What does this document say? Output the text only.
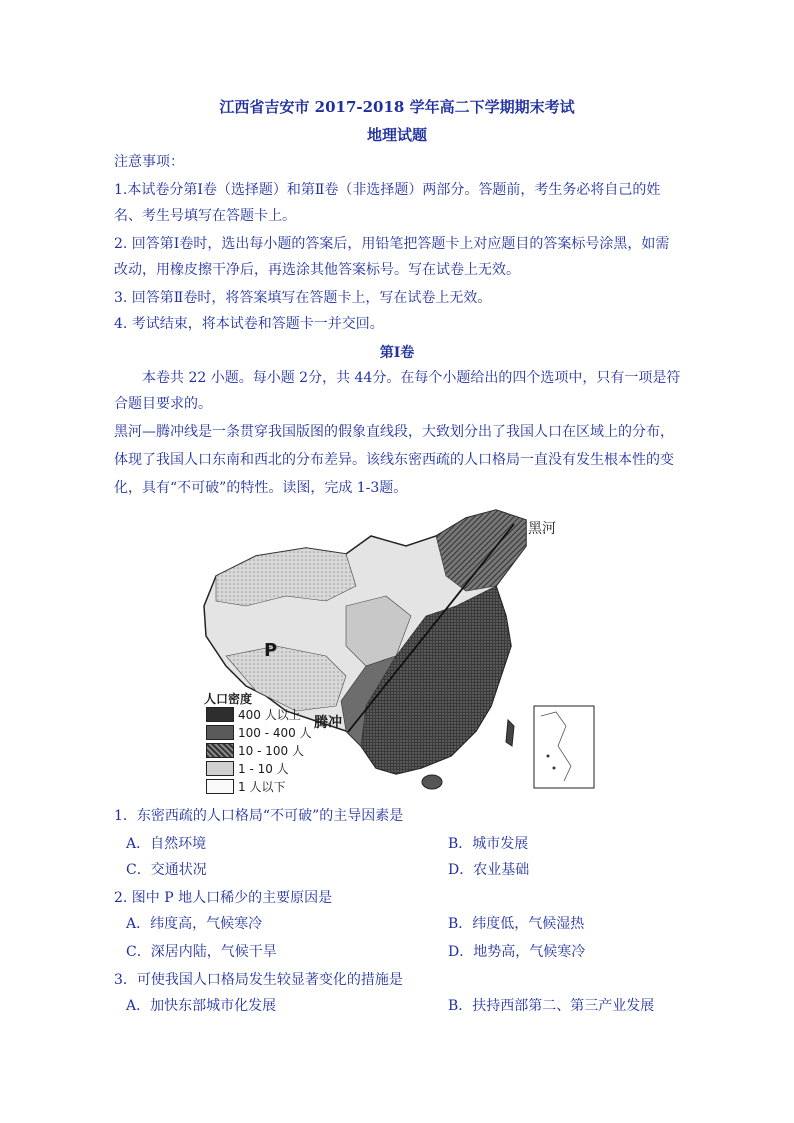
江西省吉安市 2017-2018 学年高二下学期期末考试
地理试题
注意事项：
1.本试卷分第Ⅰ卷（选择题）和第Ⅱ卷（非选择题）两部分。答题前，考生务必将自己的姓
名、考生号填写在答题卡上。
2. 回答第Ⅰ卷时，选出每小题的答案后，用铅笔把答题卡上对应题目的答案标号涂黑，如需
改动，用橡皮擦干净后，再选涂其他答案标号。写在试卷上无效。
3. 回答第Ⅱ卷时，将答案填写在答题卡上，写在试卷上无效。
4. 考试结束，将本试卷和答题卡一并交回。
第Ⅰ卷
本卷共 22 小题。每小题 2分，共 44分。在每个小题给出的四个选项中，只有一项是符
合题目要求的。
黑河—腾冲线是一条贯穿我国版图的假象直线段，大致划分出了我国人口在区域上的分布，
体现了我国人口东南和西北的分布差异。该线东密西疏的人口格局一直没有发生根本性的变
化，具有“不可破”的特性。读图，完成 1-3题。
黑河
腾冲
P
人口密度
400 人以上
100 - 400 人
10 - 100 人
1 - 10 人
1 人以下
1．东密西疏的人口格局“不可破”的主导因素是
A．自然环境	B．城市发展
C．交通状况	D．农业基础
2. 图中 P 地人口稀少的主要原因是
A．纬度高，气候寒冷	B．纬度低，气候湿热
C．深居内陆，气候干旱	D．地势高，气候寒冷
3．可使我国人口格局发生较显著变化的措施是
A．加快东部城市化发展	B．扶持西部第二、第三产业发展
